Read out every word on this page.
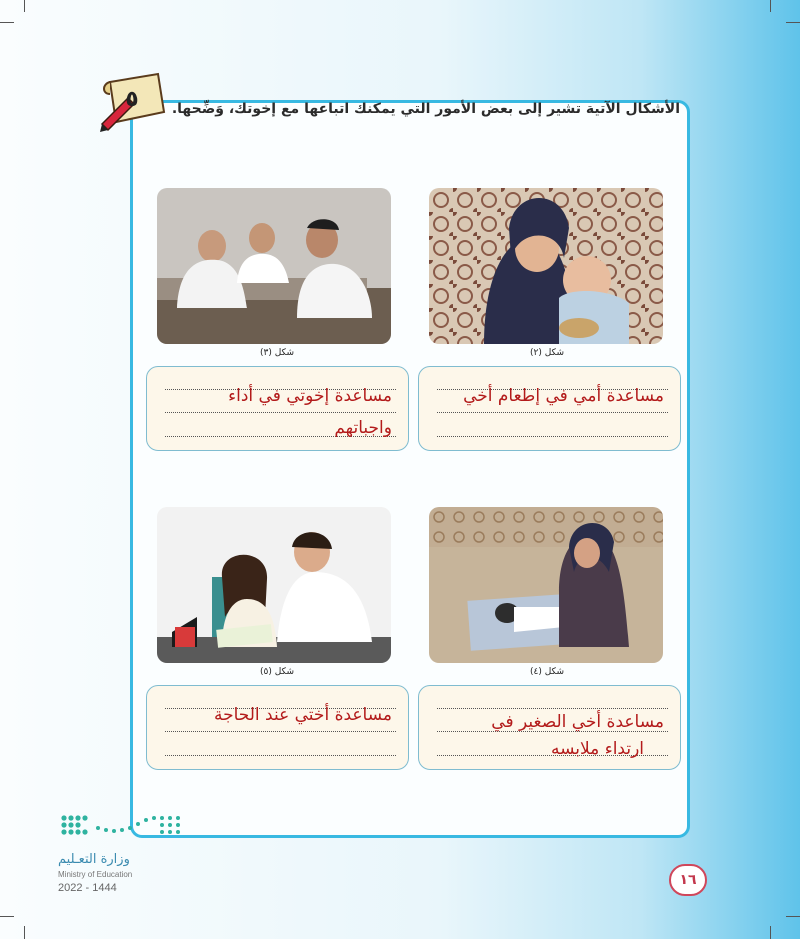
٥ الأشكال الآتية تشير إلى بعض الأمور التي يمكنك اتباعها مع إخوتك، وَضِّحها.
شكل (٢)
شكل (٣)
مساعدة أمي في إطعام أخي
مساعدة إخوتي في أداء
واجباتهم
شكل (٤)
شكل (٥)
مساعدة أخي الصغير في
ارتداء ملابسه
مساعدة أختي عند الحاجة
وزارة التعـليم
Ministry of Education
2022 - 1444	١٦
